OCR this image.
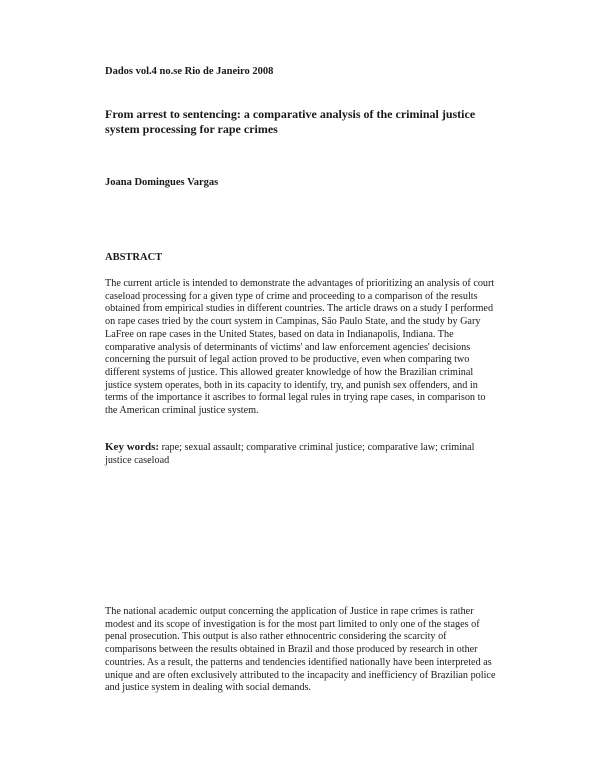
Dados vol.4 no.se Rio de Janeiro 2008
From arrest to sentencing: a comparative analysis of the criminal justice system processing for rape crimes
Joana Domingues Vargas
ABSTRACT

The current article is intended to demonstrate the advantages of prioritizing an analysis of court caseload processing for a given type of crime and proceeding to a comparison of the results obtained from empirical studies in different countries. The article draws on a study I performed on rape cases tried by the court system in Campinas, São Paulo State, and the study by Gary LaFree on rape cases in the United States, based on data in Indianapolis, Indiana. The comparative analysis of determinants of victims' and law enforcement agencies' decisions concerning the pursuit of legal action proved to be productive, even when comparing two different systems of justice. This allowed greater knowledge of how the Brazilian criminal justice system operates, both in its capacity to identify, try, and punish sex offenders, and in terms of the importance it ascribes to formal legal rules in trying rape cases, in comparison to the American criminal justice system.

Key words: rape; sexual assault; comparative criminal justice; comparative law; criminal justice caseload

The national academic output concerning the application of Justice in rape crimes is rather modest and its scope of investigation is for the most part limited to only one of the stages of penal prosecution. This output is also rather ethnocentric considering the scarcity of comparisons between the results obtained in Brazil and those produced by research in other countries. As a result, the patterns and tendencies identified nationally have been interpreted as unique and are often exclusively attributed to the incapacity and inefficiency of Brazilian police and justice system in dealing with social demands.
